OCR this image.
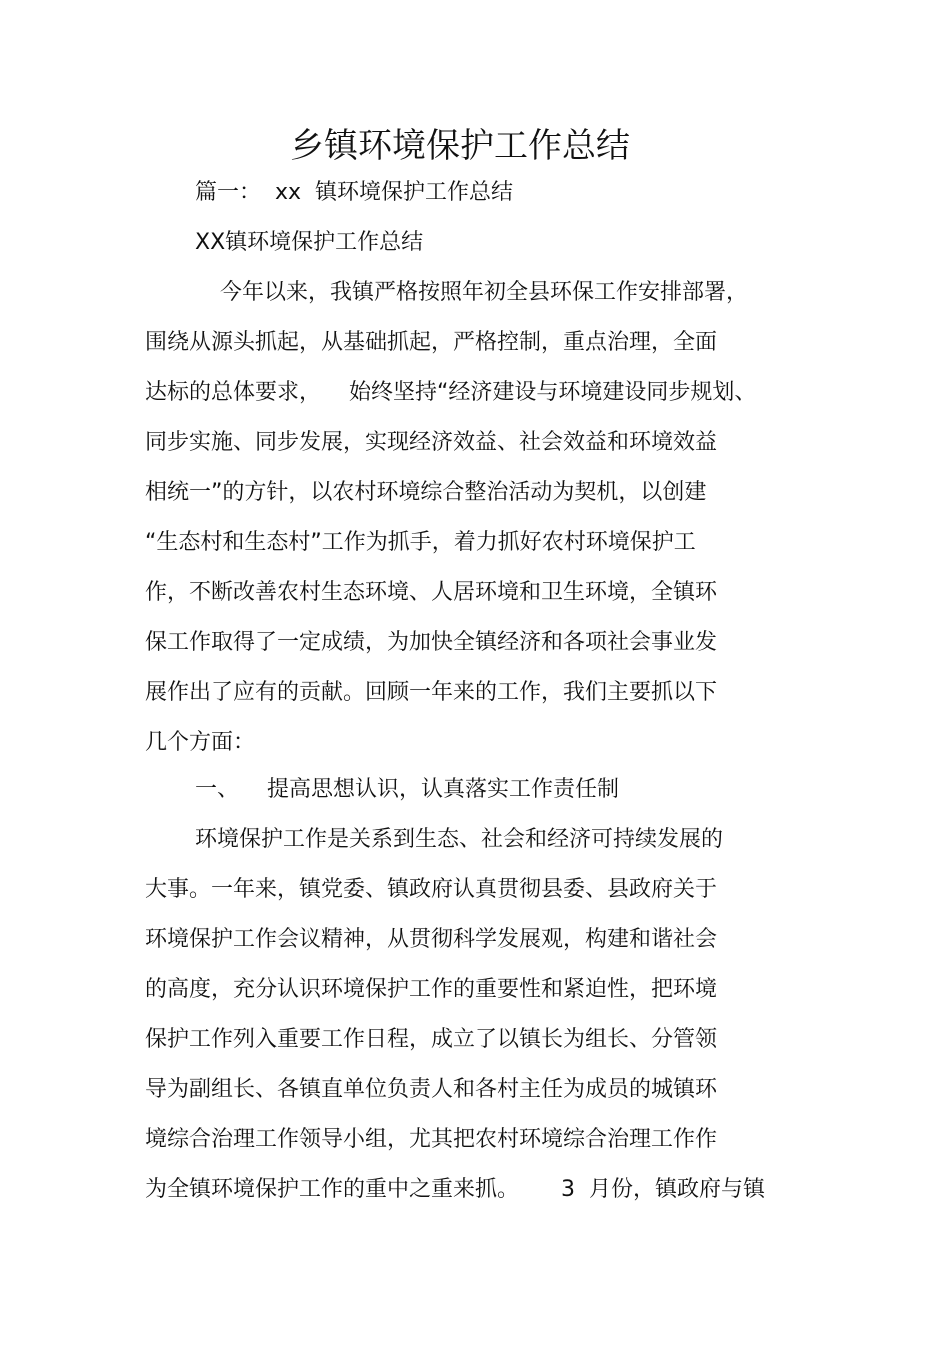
乡镇环境保护工作总结
篇一：  xx  镇环境保护工作总结
XX镇环境保护工作总结
今年以来，我镇严格按照年初全县环保工作安排部署，
围绕从源头抓起，从基础抓起，严格控制，重点治理，全面
达标的总体要求，    始终坚持“经济建设与环境建设同步规划、
同步实施、同步发展，实现经济效益、社会效益和环境效益
相统一”的方针，以农村环境综合整治活动为契机，以创建
“生态村和生态村”工作为抓手，着力抓好农村环境保护工
作，不断改善农村生态环境、人居环境和卫生环境，全镇环
保工作取得了一定成绩，为加快全镇经济和各项社会事业发
展作出了应有的贡献。回顾一年来的工作，我们主要抓以下
几个方面：
一、    提高思想认识，认真落实工作责任制
环境保护工作是关系到生态、社会和经济可持续发展的
大事。一年来，镇党委、镇政府认真贯彻县委、县政府关于
环境保护工作会议精神，从贯彻科学发展观，构建和谐社会
的高度，充分认识环境保护工作的重要性和紧迫性，把环境
保护工作列入重要工作日程，成立了以镇长为组长、分管领
导为副组长、各镇直单位负责人和各村主任为成员的城镇环
境综合治理工作领导小组，尤其把农村环境综合治理工作作
为全镇环境保护工作的重中之重来抓。      3  月份，镇政府与镇
